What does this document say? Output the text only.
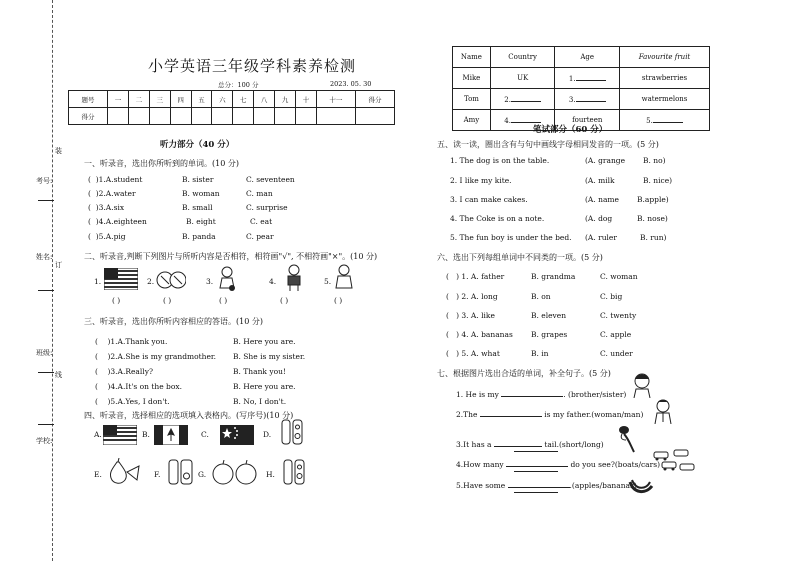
学校:
班级:
姓名:
考号:
装
订
线
小学英语三年级学科素养检测
总分：100 分	2023. 05. 30
题号	一	二	三	四	五	六	七	八	九	十	十一	得分
得分												
听力部分（40 分）
一、听录音，选出你所听到的单词。(10 分)
( )1.A.student	B. sister	C. seventeen
( )2.A.water	B. woman	C. man
( )3.A.six	B. small	C. surprise
( )4.A.eighteen	B. eight	C. eat
( )5.A.pig	B. panda	C. pear
二、听录音,判断下列图片与所听内容是否相符，相符画"√", 不相符画"×"。(10 分)
1.	2.	3.	4.	5.
( )	( )	( )	( )	( )
三、听录音，选出你所听内容相应的答语。(10 分)
(    )1.A.Thank you.	B. Here you are.
(    )2.A.She is my grandmother. B. She is my sister.
(    )3.A.Really?	B. Thank you!
(    )4.A.It's on the box.	B. Here you are.
(    )5.A.Yes, I don't.	B. No, I don't.
四、听录音，选择相应的选项填入表格内。(写序号)(10 分)
A.	B.	C.	D.
E.	F.	G.	H.
Name	Country	Age	Favourite fruit
Mike	UK	1.	strawberries
Tom	2.	3.	watermelons
Amy	4.	fourteen	5.
笔试部分（60 分）
五、读一读，圈出含有与句中画线字母相同发音的一项。(5 分)
1. The dog is on the table.	(A. grange B. no)
2. I like my kite.	(A. milk	B. nice)
3. I can make cakes.	(A. name B.apple)
4. The Coke is on a note.	(A. dog	B. nose)
5. The fun boy is under the bed. (A. ruler	B. run)
六、选出下列每组单词中不同类的一项。(5 分)
(   ) 1. A. father	B. grandma	C. woman
(   ) 2. A. long	B. on	C. big
(   ) 3. A. like	B. eleven	C. twenty
(   ) 4. A. bananas B. grapes	C. apple
(   ) 5. A. what	B. in	C. under
七、根据图片选出合适的单词，补全句子。(5 分)
1. He is my	. (brother/sister)
2.The	is my father.(woman/man)
3.It has a	tail.(short/long)
4.How many	do you see?(boats/cars)
5.Have some	.(apples/bananas)
